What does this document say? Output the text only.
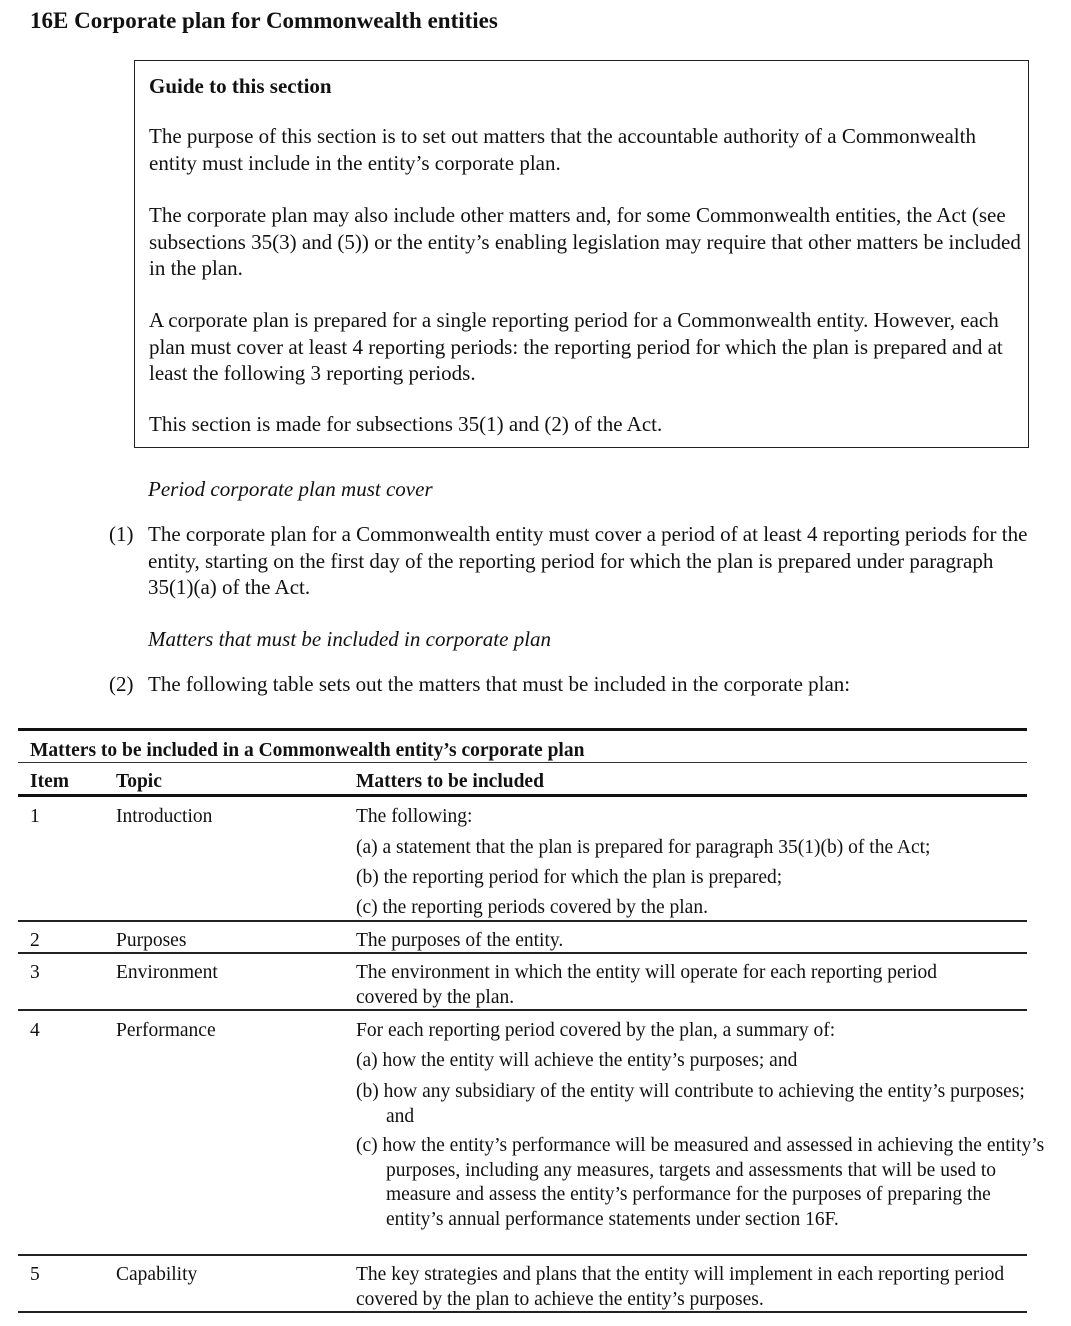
16E Corporate plan for Commonwealth entities
Guide to this section

The purpose of this section is to set out matters that the accountable authority of a Commonwealth entity must include in the entity’s corporate plan.

The corporate plan may also include other matters and, for some Commonwealth entities, the Act (see subsections 35(3) and (5)) or the entity’s enabling legislation may require that other matters be included in the plan.

A corporate plan is prepared for a single reporting period for a Commonwealth entity. However, each plan must cover at least 4 reporting periods: the reporting period for which the plan is prepared and at least the following 3 reporting periods.

This section is made for subsections 35(1) and (2) of the Act.

Period corporate plan must cover

(1) The corporate plan for a Commonwealth entity must cover a period of at least 4 reporting periods for the entity, starting on the first day of the reporting period for which the plan is prepared under paragraph 35(1)(a) of the Act.

Matters that must be included in corporate plan

(2) The following table sets out the matters that must be included in the corporate plan:

Matters to be included in a Commonwealth entity’s corporate plan
Item Topic	Matters to be included
1	Introduction	The following:
(a) a statement that the plan is prepared for paragraph 35(1)(b) of the Act;
(b) the reporting period for which the plan is prepared;
(c) the reporting periods covered by the plan.
2	Purposes	The purposes of the entity.
3	Environment	The environment in which the entity will operate for each reporting period covered by the plan.
4	Performance	For each reporting period covered by the plan, a summary of:
(a) how the entity will achieve the entity’s purposes; and
(b) how any subsidiary of the entity will contribute to achieving the entity’s purposes; and
(c) how the entity’s performance will be measured and assessed in achieving the entity’s purposes, including any measures, targets and assessments that will be used to measure and assess the entity’s performance for the purposes of preparing the entity’s annual performance statements under section 16F.
5	Capability	The key strategies and plans that the entity will implement in each reporting period covered by the plan to achieve the entity’s purposes.
